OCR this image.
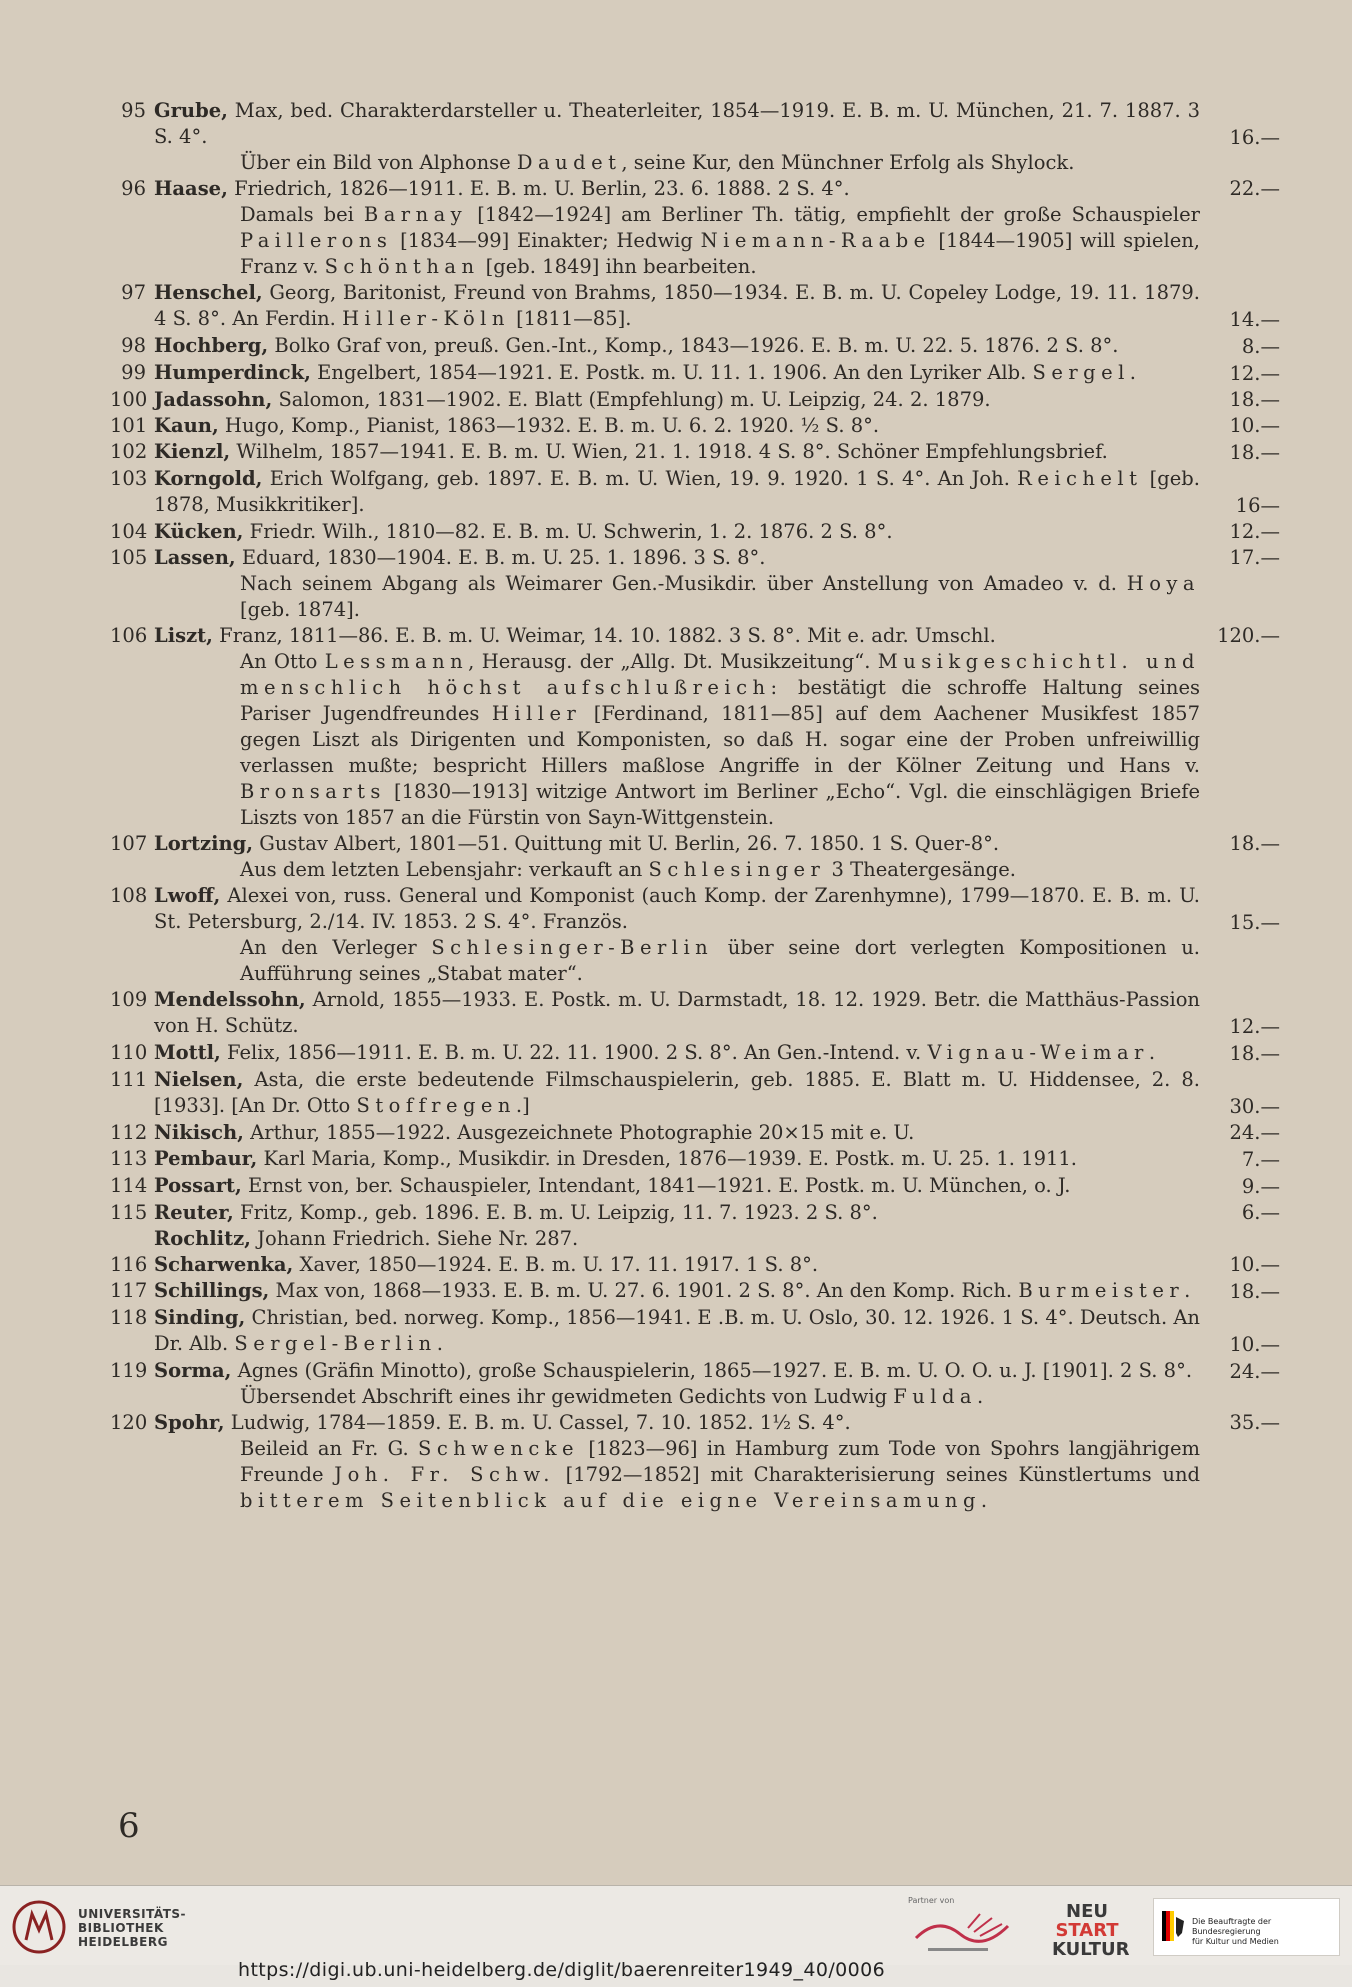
95 Grube, Max, bed. Charakterdarsteller u. Theaterleiter, 1854—1919. E. B. m. U. München, 21. 7. 1887. 3 S. 4°.
Über ein Bild von Alphonse Daudet, seine Kur, den Münchner Erfolg als Shylock.
16.—
96 Haase, Friedrich, 1826—1911. E. B. m. U. Berlin, 23. 6. 1888. 2 S. 4°.
Damals bei Barnay [1842—1924] am Berliner Th. tätig, empfiehlt der große Schauspieler Paillerons [1834—99] Einakter; Hedwig Niemann-Raabe [1844—1905] will spielen, Franz v. Schönthan [geb. 1849] ihn bearbeiten.
22.—
97 Henschel, Georg, Baritonist, Freund von Brahms, 1850—1934. E. B. m. U. Copeley Lodge, 19. 11. 1879. 4 S. 8°. An Ferdin. Hiller-Köln [1811—85].	14.—
98 Hochberg, Bolko Graf von, preuß. Gen.-Int., Komp., 1843—1926. E. B. m. U. 22. 5. 1876. 2 S. 8°.	8.—
99 Humperdinck, Engelbert, 1854—1921. E. Postk. m. U. 11. 1. 1906. An den Lyriker Alb. Sergel.	12.—
100 Jadassohn, Salomon, 1831—1902. E. Blatt (Empfehlung) m. U. Leipzig, 24. 2. 1879.	18.—
101 Kaun, Hugo, Komp., Pianist, 1863—1932. E. B. m. U. 6. 2. 1920. ½ S. 8°.	10.—
102 Kienzl, Wilhelm, 1857—1941. E. B. m. U. Wien, 21. 1. 1918. 4 S. 8°. Schöner Empfehlungsbrief.	18.—
103 Korngold, Erich Wolfgang, geb. 1897. E. B. m. U. Wien, 19. 9. 1920. 1 S. 4°. An Joh. Reichelt [geb. 1878, Musikkritiker].	16—
104 Kücken, Friedr. Wilh., 1810—82. E. B. m. U. Schwerin, 1. 2. 1876. 2 S. 8°.	12.—
105 Lassen, Eduard, 1830—1904. E. B. m. U. 25. 1. 1896. 3 S. 8°.
Nach seinem Abgang als Weimarer Gen.-Musikdir. über Anstellung von Amadeo v. d. Hoya [geb. 1874].
17.—
106 Liszt, Franz, 1811—86. E. B. m. U. Weimar, 14. 10. 1882. 3 S. 8°. Mit e. adr. Umschl.
An Otto Lessmann, Herausg. der „Allg. Dt. Musikzeitung“. Musikgeschichtl. und menschlich höchst aufschlußreich: bestätigt die schroffe Haltung seines Pariser Jugendfreundes Hiller [Ferdinand, 1811—85] auf dem Aachener Musikfest 1857 gegen Liszt als Dirigenten und Komponisten, so daß H. sogar eine der Proben unfreiwillig verlassen mußte; bespricht Hillers maßlose Angriffe in der Kölner Zeitung und Hans v. Bronsarts [1830—1913] witzige Antwort im Berliner „Echo“. Vgl. die einschlägigen Briefe Liszts von 1857 an die Fürstin von Sayn-Wittgenstein.
120.—
107 Lortzing, Gustav Albert, 1801—51. Quittung mit U. Berlin, 26. 7. 1850. 1 S. Quer-8°.
Aus dem letzten Lebensjahr: verkauft an Schlesinger 3 Theatergesänge.
18.—
108 Lwoff, Alexei von, russ. General und Komponist (auch Komp. der Zarenhymne), 1799—1870. E. B. m. U. St. Petersburg, 2./14. IV. 1853. 2 S. 4°. Französ.
An den Verleger Schlesinger-Berlin über seine dort verlegten Kompositionen u. Aufführung seines „Stabat mater“.
15.—
109 Mendelssohn, Arnold, 1855—1933. E. Postk. m. U. Darmstadt, 18. 12. 1929. Betr. die Matthäus-Passion von H. Schütz.	12.—
110 Mottl, Felix, 1856—1911. E. B. m. U. 22. 11. 1900. 2 S. 8°. An Gen.-Intend. v. Vignau-Weimar.	18.—
111 Nielsen, Asta, die erste bedeutende Filmschauspielerin, geb. 1885. E. Blatt m. U. Hiddensee, 2. 8. [1933]. [An Dr. Otto Stoffregen.]	30.—
112 Nikisch, Arthur, 1855—1922. Ausgezeichnete Photographie 20×15 mit e. U.	24.—
113 Pembaur, Karl Maria, Komp., Musikdir. in Dresden, 1876—1939. E. Postk. m. U. 25. 1. 1911.	7.—
114 Possart, Ernst von, ber. Schauspieler, Intendant, 1841—1921. E. Postk. m. U. München, o. J.	9.—
115 Reuter, Fritz, Komp., geb. 1896. E. B. m. U. Leipzig, 11. 7. 1923. 2 S. 8°.	6.—
Rochlitz, Johann Friedrich. Siehe Nr. 287.
116 Scharwenka, Xaver, 1850—1924. E. B. m. U. 17. 11. 1917. 1 S. 8°.	10.—
117 Schillings, Max von, 1868—1933. E. B. m. U. 27. 6. 1901. 2 S. 8°. An den Komp. Rich. Burmeister.	18.—
118 Sinding, Christian, bed. norweg. Komp., 1856—1941. E .B. m. U. Oslo, 30. 12. 1926. 1 S. 4°. Deutsch. An Dr. Alb. Sergel-Berlin.	10.—
119 Sorma, Agnes (Gräfin Minotto), große Schauspielerin, 1865—1927. E. B. m. U. O. O. u. J. [1901]. 2 S. 8°.
Übersendet Abschrift eines ihr gewidmeten Gedichts von Ludwig Fulda.
24.—
120 Spohr, Ludwig, 1784—1859. E. B. m. U. Cassel, 7. 10. 1852. 1½ S. 4°.
Beileid an Fr. G. Schwencke [1823—96] in Hamburg zum Tode von Spohrs langjährigem Freunde Joh. Fr. Schw. [1792—1852] mit Charakterisierung seines Künstlertums und bitterem Seitenblick auf die eigne Vereinsamung.
35.—
6
UNIVERSITÄTS-
BIBLIOTHEK
HEIDELBERG
Partner von
NEU
START
KULTUR
Die Beauftragte der Bundesregierung
für Kultur und Medien
https://digi.ub.uni-heidelberg.de/diglit/baerenreiter1949_40/0006
